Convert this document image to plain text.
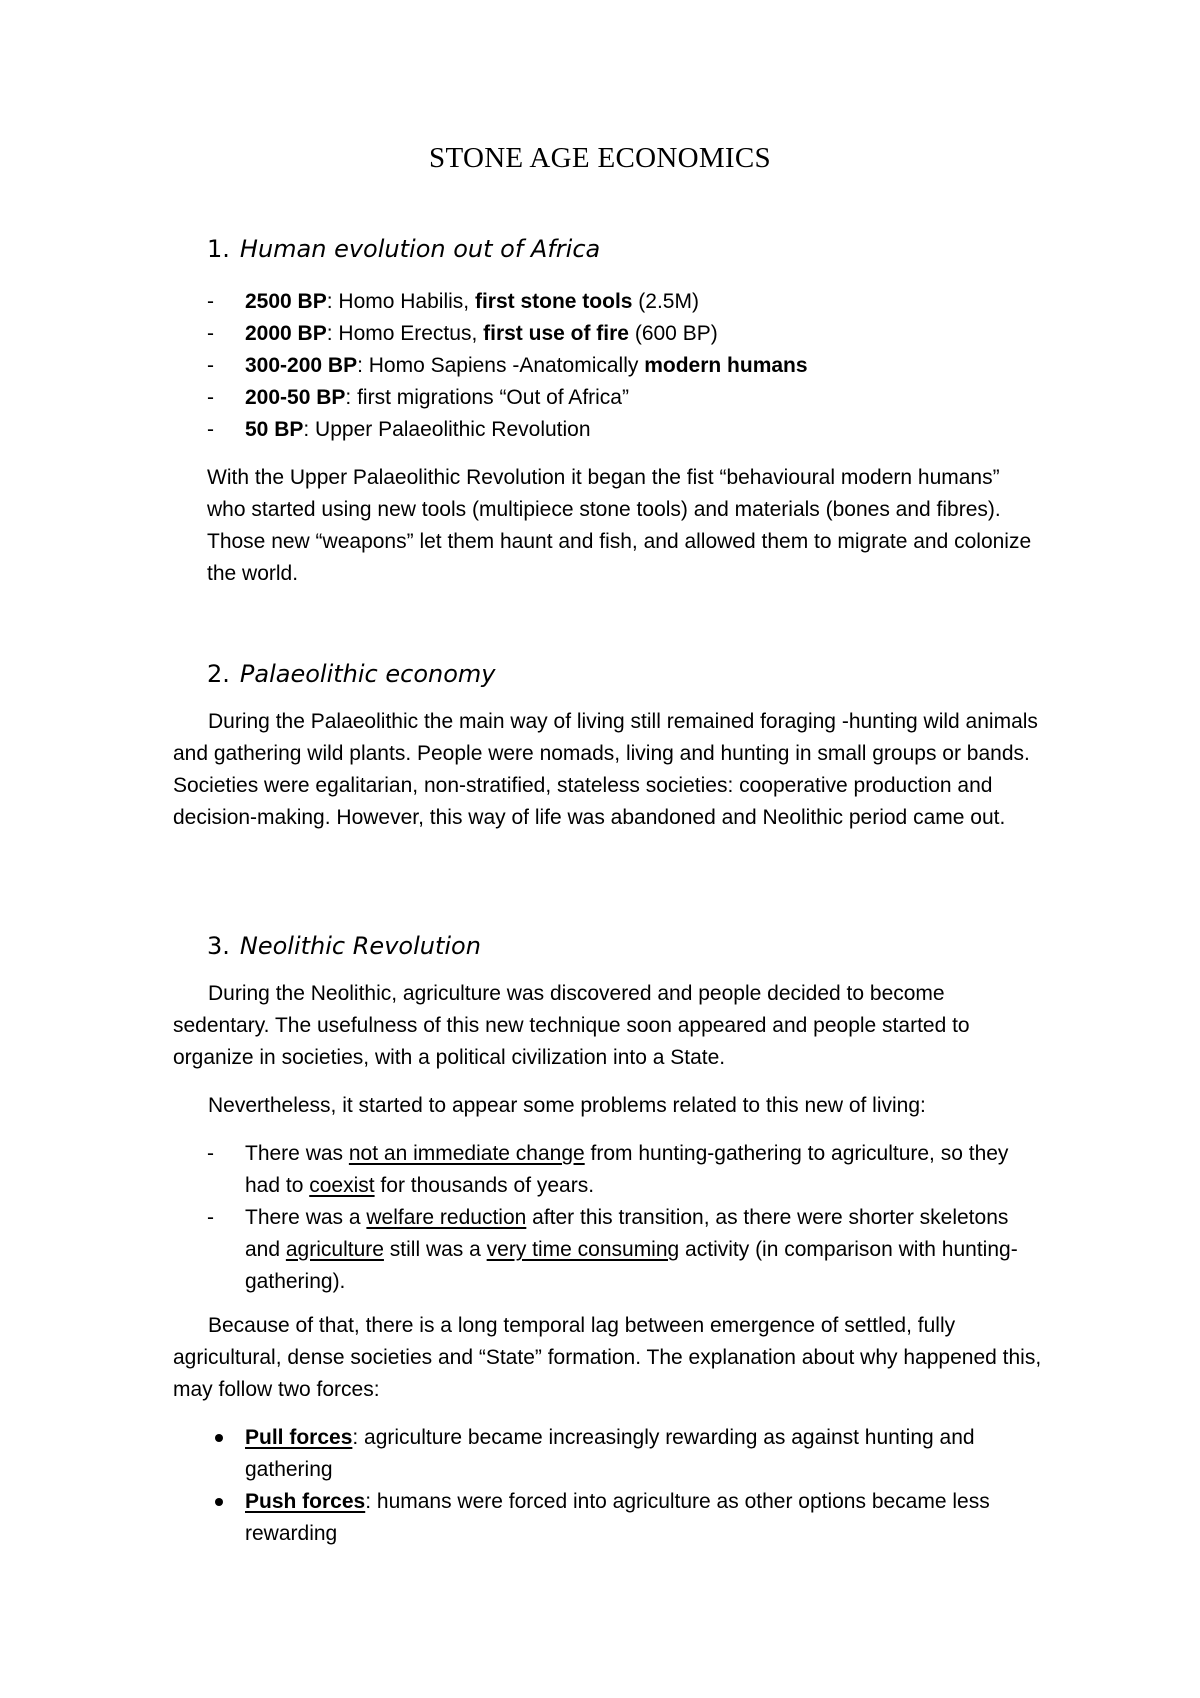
STONE AGE ECONOMICS
1. Human evolution out of Africa
- 2500 BP: Homo Habilis, first stone tools (2.5M)
- 2000 BP: Homo Erectus, first use of fire (600 BP)
- 300-200 BP: Homo Sapiens -Anatomically modern humans
- 200-50 BP: first migrations “Out of Africa”
- 50 BP: Upper Palaeolithic Revolution

With the Upper Palaeolithic Revolution it began the fist “behavioural modern humans” who started using new tools (multipiece stone tools) and materials (bones and fibres). Those new “weapons” let them haunt and fish, and allowed them to migrate and colonize the world.

2. Palaeolithic economy

During the Palaeolithic the main way of living still remained foraging -hunting wild animals and gathering wild plants. People were nomads, living and hunting in small groups or bands. Societies were egalitarian, non-stratified, stateless societies: cooperative production and decision-making. However, this way of life was abandoned and Neolithic period came out.

3. Neolithic Revolution

During the Neolithic, agriculture was discovered and people decided to become sedentary. The usefulness of this new technique soon appeared and people started to organize in societies, with a political civilization into a State.

Nevertheless, it started to appear some problems related to this new of living:

- There was not an immediate change from hunting-gathering to agriculture, so they had to coexist for thousands of years.
- There was a welfare reduction after this transition, as there were shorter skeletons and agriculture still was a very time consuming activity (in comparison with hunting-gathering).

Because of that, there is a long temporal lag between emergence of settled, fully agricultural, dense societies and “State” formation. The explanation about why happened this, may follow two forces:

Pull forces: agriculture became increasingly rewarding as against hunting and gathering
Push forces: humans were forced into agriculture as other options became less rewarding
